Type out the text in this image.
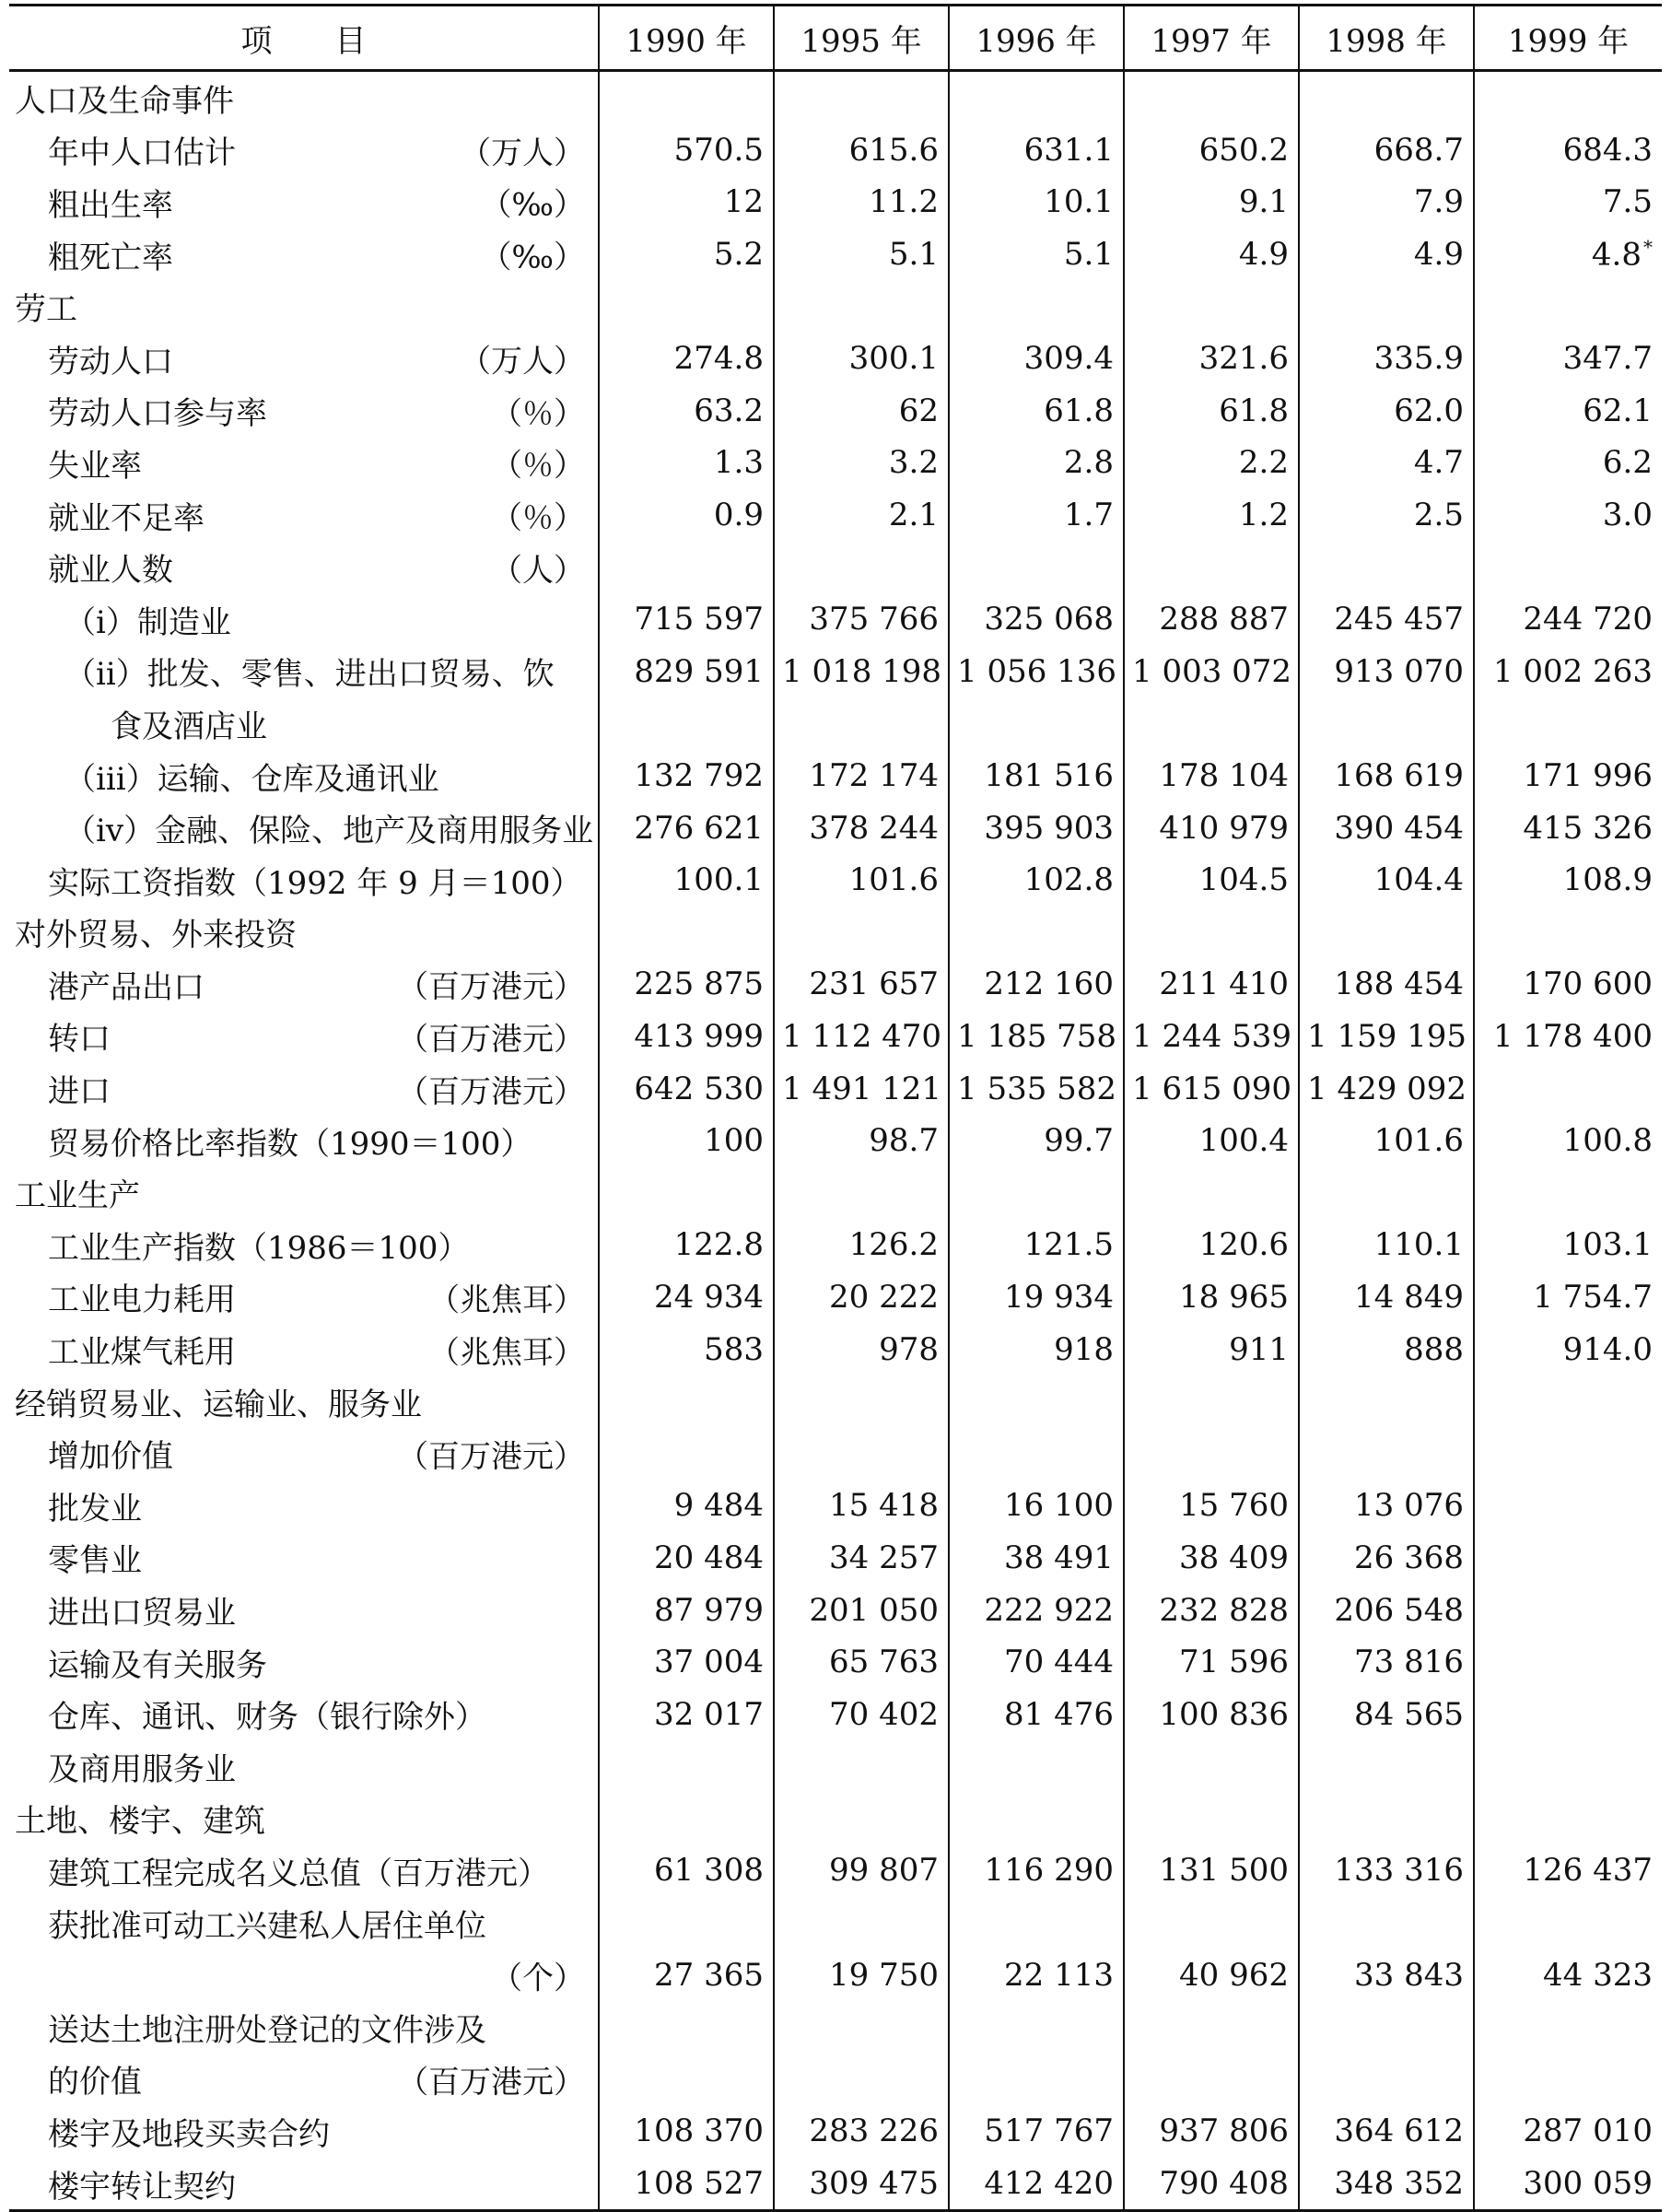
项　　目	1990 年	1995 年	1996 年	1997 年	1998 年	1999 年
人口及生命事件						
年中人口估计 （万人）	570.5	615.6	631.1	650.2	668.7	684.3
粗出生率 （‰）	12	11.2	10.1	9.1	7.9	7.5
粗死亡率 （‰）	5.2	5.1	5.1	4.9	4.9	4.8 *
劳工						
劳动人口 （万人）	274.8	300.1	309.4	321.6	335.9	347.7
劳动人口参与率 （％）	63.2	62	61.8	61.8	62.0	62.1
失业率 （％）	1.3	3.2	2.8	2.2	4.7	6.2
就业不足率 （％）	0.9	2.1	1.7	1.2	2.5	3.0
就业人数 （人）						

（i）制造业	715 597	375 766	325 068	288 887	245 457	244 720
（ii）批发、零售、进出口贸易、饮	829 591	1 018 198	1 056 136	1 003 072	913 070	1 002 263
食及酒店业						
（iii）运输、仓库及通讯业	132 792	172 174	181 516	178 104	168 619	171 996
（iv）金融、保险、地产及商用服务业	276 621	378 244	395 903	410 979	390 454	415 326
实际工资指数（1992 年 9 月＝100）	100.1	101.6	102.8	104.5	104.4	108.9
对外贸易、外来投资						
港产品出口 （百万港元）	225 875	231 657	212 160	211 410	188 454	170 600
转口 （百万港元）	413 999	1 112 470	1 185 758	1 244 539	1 159 195	1 178 400
进口 （百万港元）	642 530	1 491 121	1 535 582	1 615 090	1 429 092	
贸易价格比率指数（1990＝100）	100	98.7	99.7	100.4	101.6	100.8
工业生产						
工业生产指数（1986＝100）	122.8	126.2	121.5	120.6	110.1	103.1
工业电力耗用 （兆焦耳）	24 934	20 222	19 934	18 965	14 849	1 754.7
工业煤气耗用 （兆焦耳）	583	978	918	911	888	914.0
经销贸易业、运输业、服务业						
增加价值 （百万港元）						

批发业	9 484	15 418	16 100	15 760	13 076	
零售业	20 484	34 257	38 491	38 409	26 368	
进出口贸易业	87 979	201 050	222 922	232 828	206 548	
运输及有关服务	37 004	65 763	70 444	71 596	73 816	
仓库、通讯、财务（银行除外）	32 017	70 402	81 476	100 836	84 565	
及商用服务业						
土地、楼宇、建筑						
建筑工程完成名义总值（百万港元）	61 308	99 807	116 290	131 500	133 316	126 437
获批准可动工兴建私人居住单位						

（个）	27 365	19 750	22 113	40 962	33 843	44 323
送达土地注册处登记的文件涉及						
的价值 （百万港元）						

楼宇及地段买卖合约	108 370	283 226	517 767	937 806	364 612	287 010
楼宇转让契约	108 527	309 475	412 420	790 408	348 352	300 059
